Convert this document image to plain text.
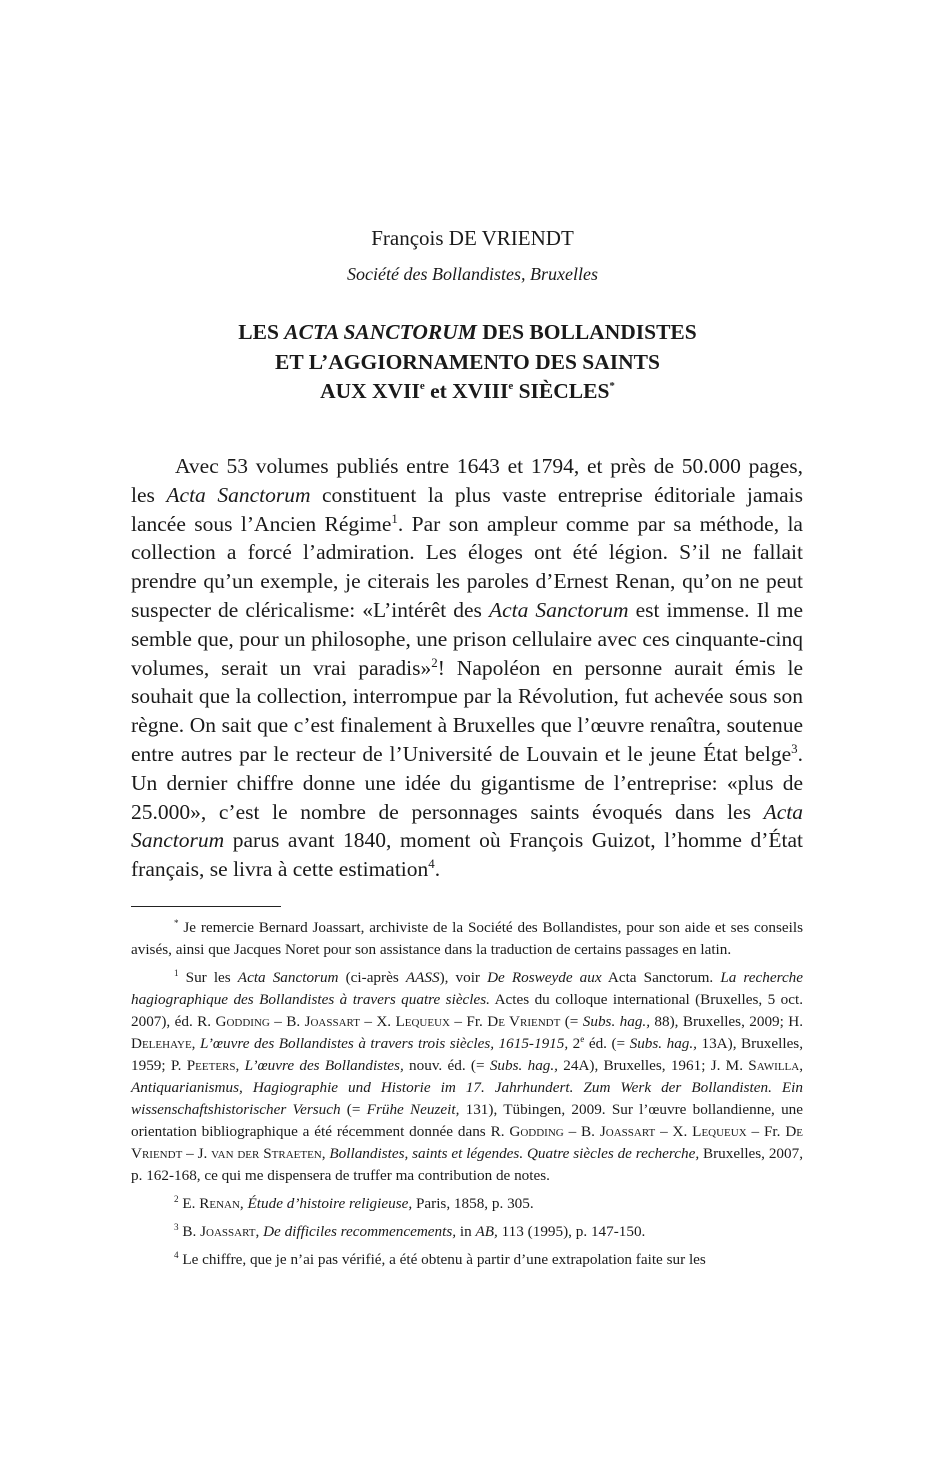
François DE VRIENDT
Société des Bollandistes, Bruxelles
LES ACTA SANCTORUM DES BOLLANDISTES
ET L’AGGIORNAMENTO DES SAINTS
AUX XVIIe et XVIIIe SIÈCLES*

Avec 53 volumes publiés entre 1643 et 1794, et près de 50.000 pages, les Acta Sanctorum constituent la plus vaste entreprise éditoriale jamais lancée sous l’Ancien Régime$^1$. Par son ampleur comme par sa méthode, la collection a forcé l’admiration. Les éloges ont été légion. S’il ne fallait prendre qu’un exemple, je citerais les paroles d’Ernest Renan, qu’on ne peut suspecter de cléricalisme: «L’intérêt des Acta Sanctorum est immense. Il me semble que, pour un philosophe, une prison cellulaire avec ces cinquante-cinq volumes, serait un vrai paradis»$^2$! Napoléon en personne aurait émis le souhait que la collection, interrompue par la Révolution, fut achevée sous son règne. On sait que c’est finalement à Bruxelles que l’œuvre renaîtra, soutenue entre autres par le recteur de l’Université de Louvain et le jeune État belge$^3$. Un dernier chiffre donne une idée du gigantisme de l’entreprise: «plus de 25.000», c’est le nombre de personnages saints évoqués dans les Acta Sanctorum parus avant 1840, moment où François Guizot, l’homme d’État français, se livra à cette estimation$^4$.

* Je remercie Bernard Joassart, archiviste de la Société des Bollandistes, pour son aide et ses conseils avisés, ainsi que Jacques Noret pour son assistance dans la traduction de certains passages en latin.

$^1$ Sur les Acta Sanctorum (ci-après AASS), voir De Rosweyde aux Acta Sanctorum. La recherche hagiographique des Bollandistes à travers quatre siècles. Actes du colloque international (Bruxelles, 5 oct. 2007), éd. R. Godding – B. Joassart – X. Lequeux – Fr. De Vriendt (= Subs. hag., 88), Bruxelles, 2009; H. Delehaye, L’œuvre des Bollandistes à travers trois siècles, 1615-1915, 2e éd. (= Subs. hag., 13A), Bruxelles, 1959; P. Peeters, L’œuvre des Bollandistes, nouv. éd. (= Subs. hag., 24A), Bruxelles, 1961; J. M. Sawilla, Antiquarianismus, Hagiographie und Historie im 17. Jahrhundert. Zum Werk der Bollandisten. Ein wissenschaftshistorischer Versuch (= Frühe Neuzeit, 131), Tübingen, 2009. Sur l’œuvre bollandienne, une orientation bibliographique a été récemment donnée dans R. Godding – B. Joassart – X. Lequeux – Fr. De Vriendt – J. van der Straeten, Bollandistes, saints et légendes. Quatre siècles de recherche, Bruxelles, 2007, p. 162-168, ce qui me dispensera de truffer ma contribution de notes.

$^2$ E. Renan, Étude d’histoire religieuse, Paris, 1858, p. 305.

$^3$ B. Joassart, De difficiles recommencements, in AB, 113 (1995), p. 147-150.

$^4$ Le chiffre, que je n’ai pas vérifié, a été obtenu à partir d’une extrapolation faite sur les
